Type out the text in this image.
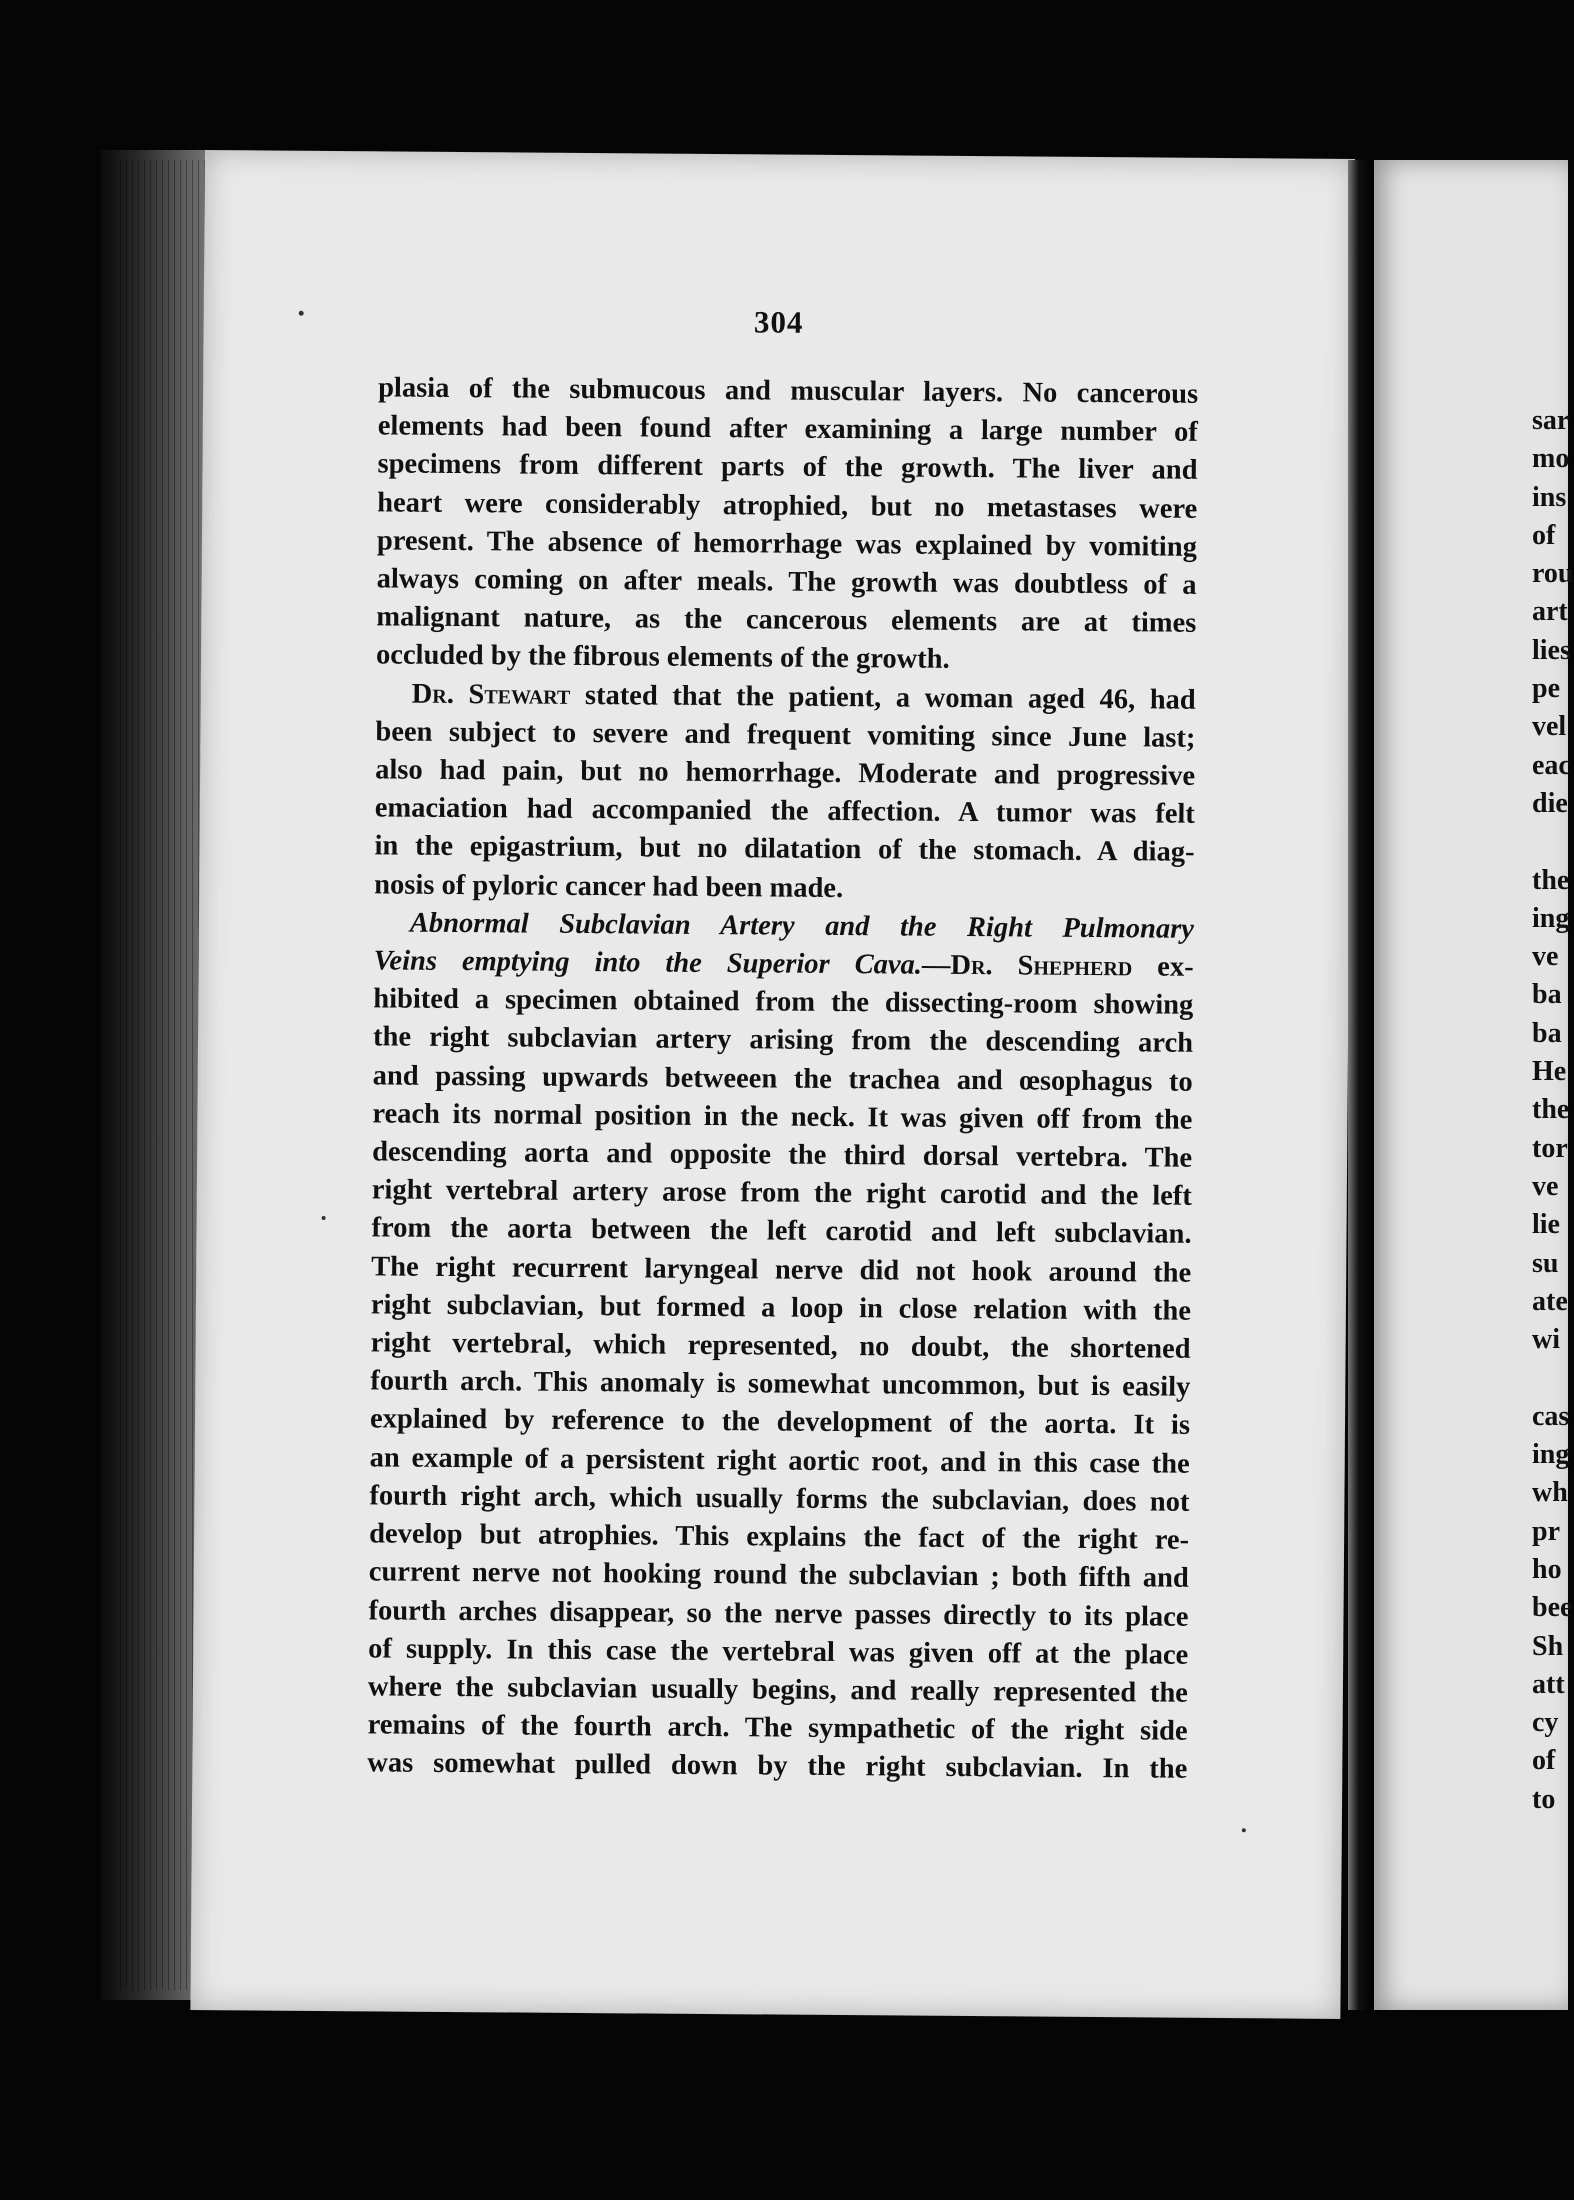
304
plasia of the submucous and muscular layers. No cancerous
elements had been found after examining a large number of
specimens from different parts of the growth. The liver and
heart were considerably atrophied, but no metastases were
present. The absence of hemorrhage was explained by vomiting
always coming on after meals. The growth was doubtless of a
malignant nature, as the cancerous elements are at times
occluded by the fibrous elements of the growth.
Dr. Stewart stated that the patient, a woman aged 46, had
been subject to severe and frequent vomiting since June last;
also had pain, but no hemorrhage. Moderate and progressive
emaciation had accompanied the affection. A tumor was felt
in the epigastrium, but no dilatation of the stomach. A diag-
nosis of pyloric cancer had been made.
Abnormal Subclavian Artery and the Right Pulmonary
Veins emptying into the Superior Cava.—Dr. Shepherd ex-
hibited a specimen obtained from the dissecting-room showing
the right subclavian artery arising from the descending arch
and passing upwards betweeen the trachea and œsophagus to
reach its normal position in the neck. It was given off from the
descending aorta and opposite the third dorsal vertebra. The
right vertebral artery arose from the right carotid and the left
from the aorta between the left carotid and left subclavian.
The right recurrent laryngeal nerve did not hook around the
right subclavian, but formed a loop in close relation with the
right vertebral, which represented, no doubt, the shortened
fourth arch. This anomaly is somewhat uncommon, but is easily
explained by reference to the development of the aorta. It is
an example of a persistent right aortic root, and in this case the
fourth right arch, which usually forms the subclavian, does not
develop but atrophies. This explains the fact of the right re-
current nerve not hooking round the subclavian ; both fifth and
fourth arches disappear, so the nerve passes directly to its place
of supply. In this case the vertebral was given off at the place
where the subclavian usually begins, and really represented the
remains of the fourth arch. The sympathetic of the right side
was somewhat pulled down by the right subclavian. In the
sar
mo
ins
of
rou
art
lies
pe
vel
eac
die
the
ing
ve
ba
ba
He
the
tor
ve
lie
su
ate
wi
cas
ing
wh
pr
ho
bee
Sh
att
cy
of
to
